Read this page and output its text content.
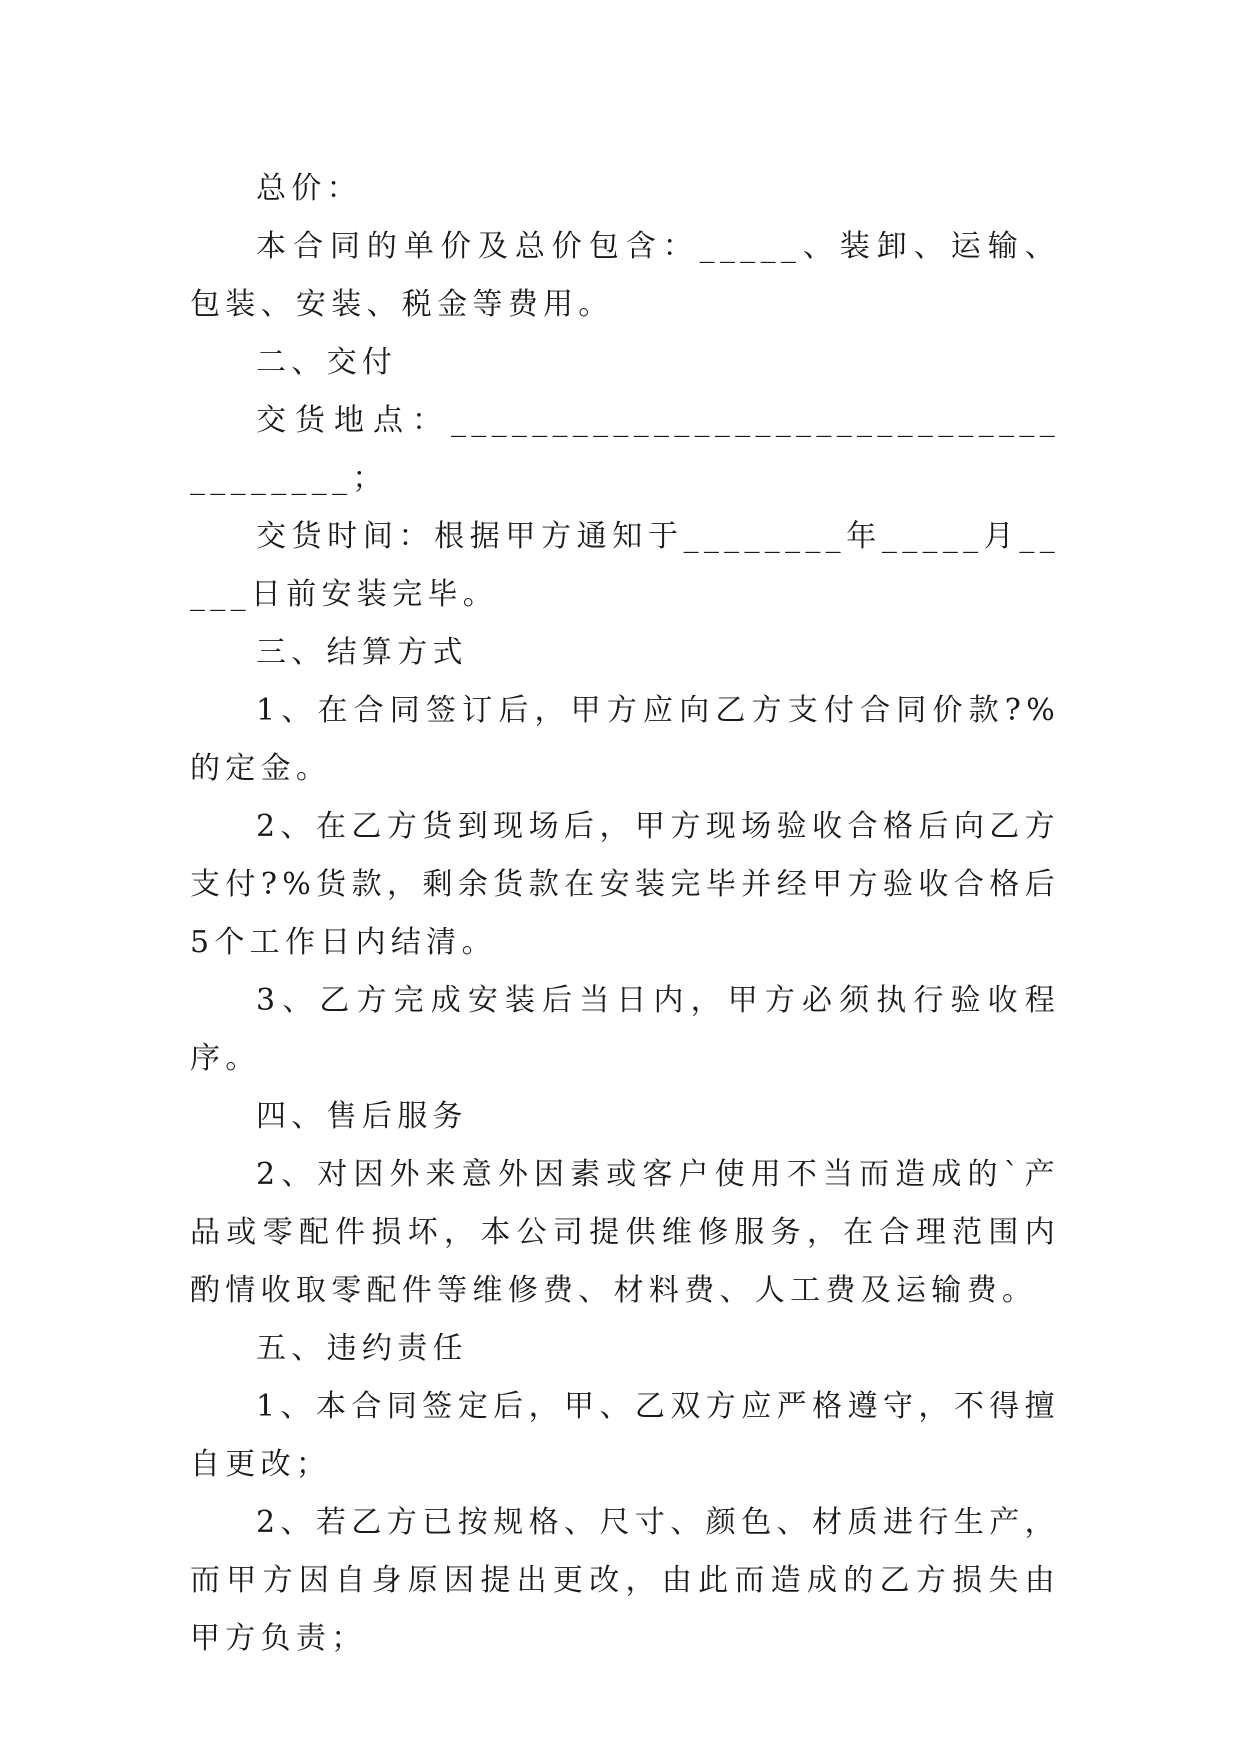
总价：

本合同的单价及总价包含：_____、装卸、运输、包装、安装、税金等费用。

二、交付

交货地点：______________________________________；

交货时间：根据甲方通知于________年_____月_____日前安装完毕。

三、结算方式

1、在合同签订后，甲方应向乙方支付合同价款?%的定金。

2、在乙方货到现场后，甲方现场验收合格后向乙方支付?%货款，剩余货款在安装完毕并经甲方验收合格后5个工作日内结清。

3、乙方完成安装后当日内，甲方必须执行验收程序。

四、售后服务

2、对因外来意外因素或客户使用不当而造成的`产品或零配件损坏，本公司提供维修服务，在合理范围内酌情收取零配件等维修费、材料费、人工费及运输费。

五、违约责任

1、本合同签定后，甲、乙双方应严格遵守，不得擅自更改；

2、若乙方已按规格、尺寸、颜色、材质进行生产，而甲方因自身原因提出更改，由此而造成的乙方损失由甲方负责；
